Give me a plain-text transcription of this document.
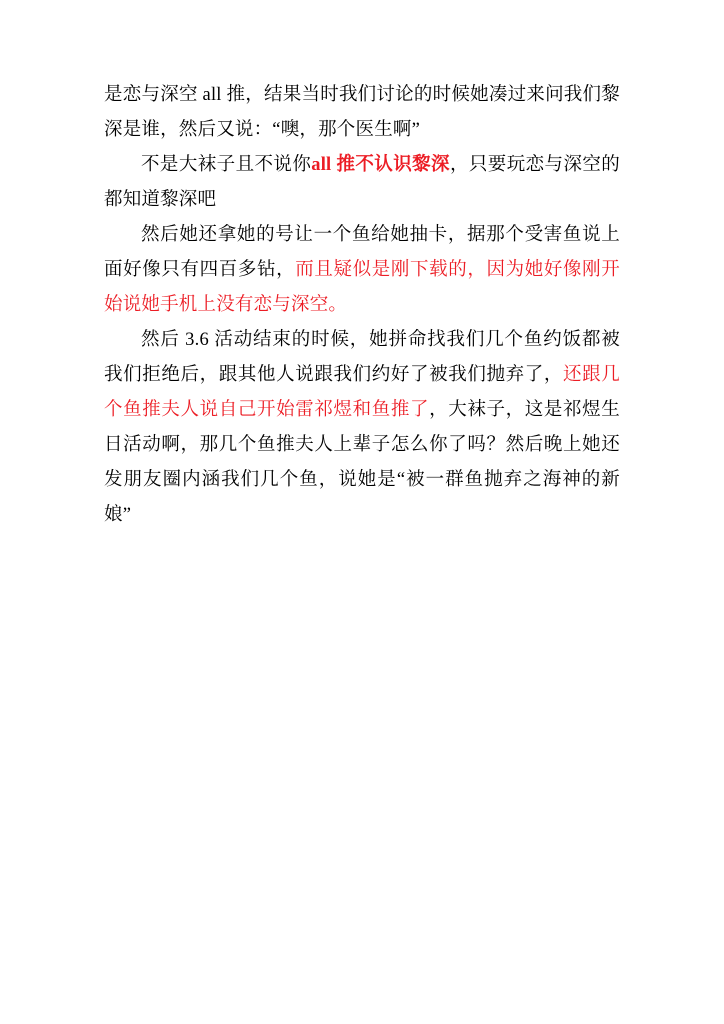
是恋与深空 all 推，结果当时我们讨论的时候她凑过来问我们黎深是谁，然后又说：“噢，那个医生啊”

不是大袜子且不说你all 推不认识黎深，只要玩恋与深空的都知道黎深吧

然后她还拿她的号让一个鱼给她抽卡，据那个受害鱼说上面好像只有四百多钻，而且疑似是刚下载的，因为她好像刚开始说她手机上没有恋与深空。

然后 3.6 活动结束的时候，她拼命找我们几个鱼约饭都被我们拒绝后，跟其他人说跟我们约好了被我们抛弃了，还跟几个鱼推夫人说自己开始雷祁煜和鱼推了，大袜子，这是祁煜生日活动啊，那几个鱼推夫人上辈子怎么你了吗？然后晚上她还发朋友圈内涵我们几个鱼，说她是“被一群鱼抛弃之海神的新娘”
